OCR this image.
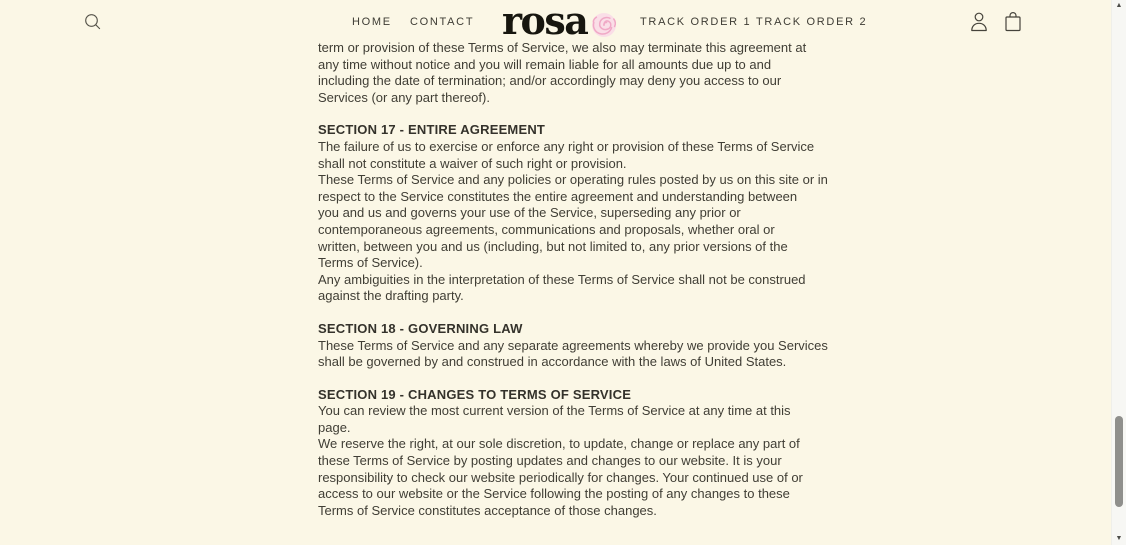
HOME CONTACT rosa	TRACK ORDER 1 TRACK ORDER 2
term or provision of these Terms of Service, we also may terminate this agreement at
any time without notice and you will remain liable for all amounts due up to and
including the date of termination; and/or accordingly may deny you access to our
Services (or any part thereof).
SECTION 17 - ENTIRE AGREEMENT
The failure of us to exercise or enforce any right or provision of these Terms of Service
shall not constitute a waiver of such right or provision.
These Terms of Service and any policies or operating rules posted by us on this site or in
respect to the Service constitutes the entire agreement and understanding between
you and us and governs your use of the Service, superseding any prior or
contemporaneous agreements, communications and proposals, whether oral or
written, between you and us (including, but not limited to, any prior versions of the
Terms of Service).
Any ambiguities in the interpretation of these Terms of Service shall not be construed
against the drafting party.
SECTION 18 - GOVERNING LAW
These Terms of Service and any separate agreements whereby we provide you Services
shall be governed by and construed in accordance with the laws of United States.
SECTION 19 - CHANGES TO TERMS OF SERVICE
You can review the most current version of the Terms of Service at any time at this
page.
We reserve the right, at our sole discretion, to update, change or replace any part of
these Terms of Service by posting updates and changes to our website. It is your
responsibility to check our website periodically for changes. Your continued use of or
access to our website or the Service following the posting of any changes to these
Terms of Service constitutes acceptance of those changes.
▲
▼
